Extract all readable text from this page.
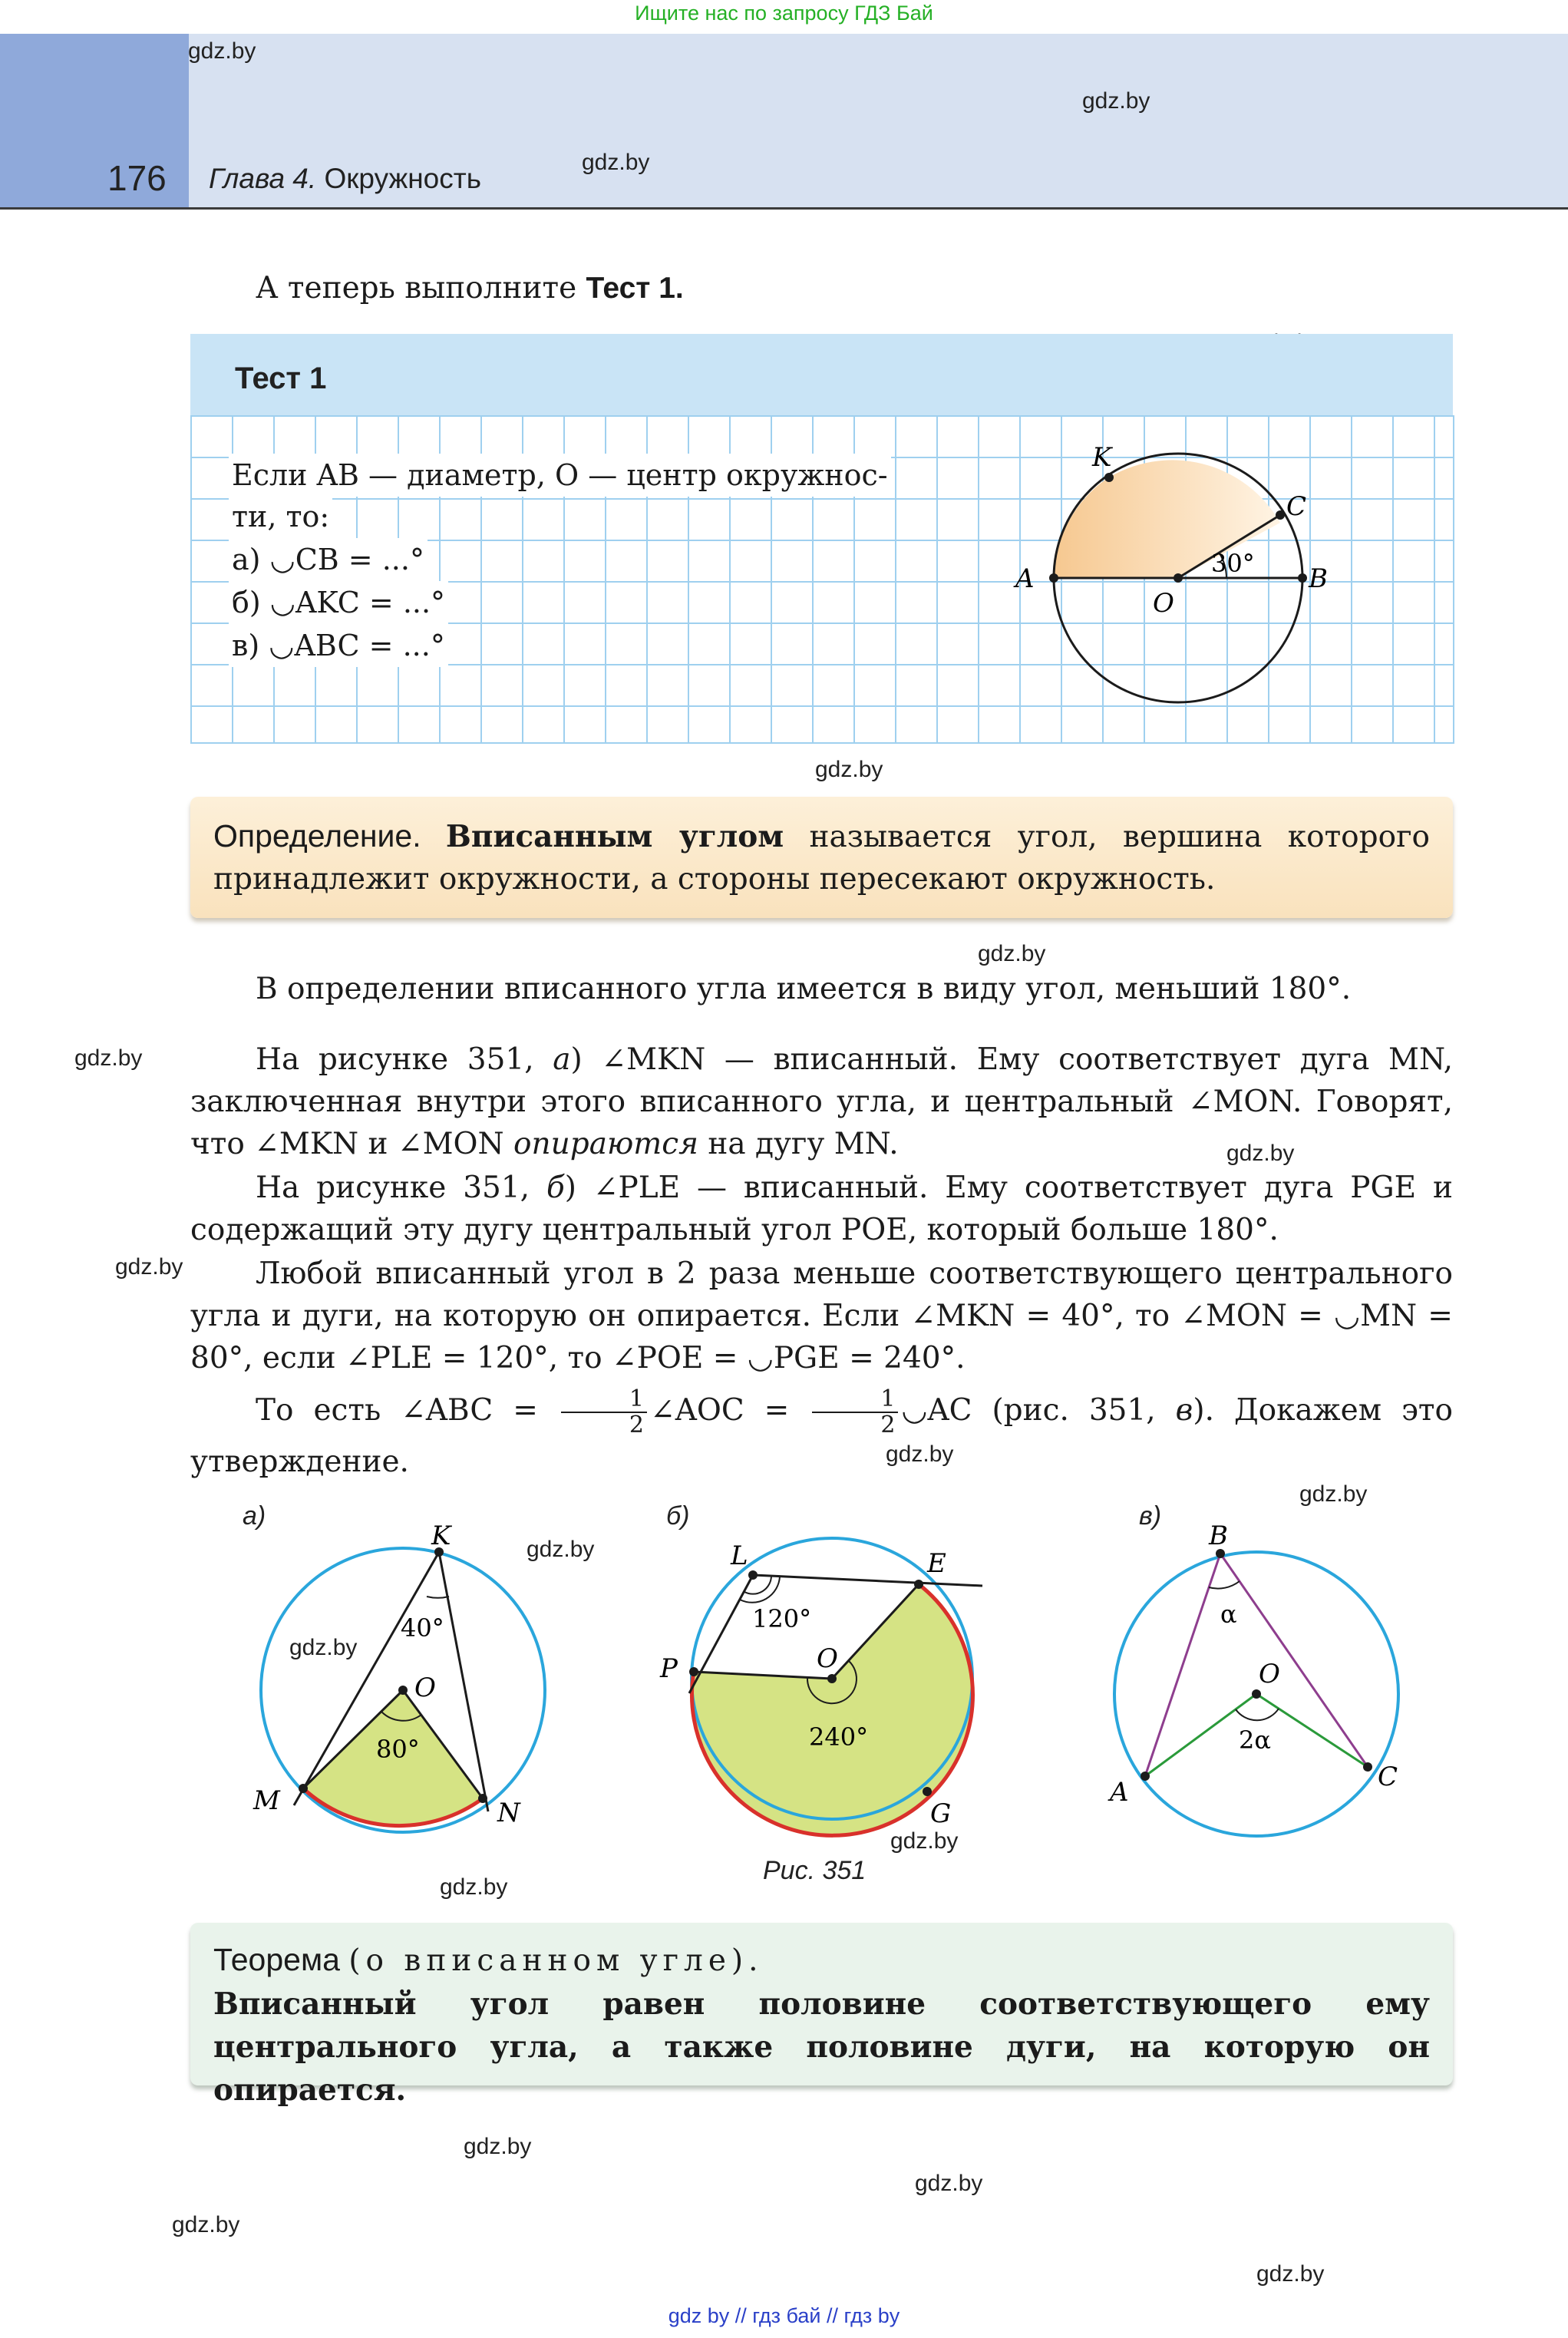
Ищите нас по запросу ГДЗ Бай
176 Глава 4. Окружность
gdz.by
gdz.by
gdz.by
gdz.by
gdz.by
gdz.by
gdz.by
gdz.by
gdz.by
gdz.by
gdz.by
gdz.by
gdz.by
gdz.by
gdz.by
gdz.by
gdz.by
gdz.by
А теперь выполните Тест 1.
Тест 1
Если AB — диаметр, O — центр окружнос-
ти, то:
а) ◡CB = ...°
б) ◡AKC = ...°
в) ◡ABC = ...°
K
C
A	B
O
30°
Определение. Вписанным углом называется угол, вершина которого принадлежит окружности, а стороны пересекают окружность.
В определении вписанного угла имеется в виду угол, меньший 180°.
На рисунке 351, а) ∠MKN — вписанный. Ему соответствует дуга MN, заключенная внутри этого вписанного угла, и центральный ∠MON. Говорят, что ∠MKN и ∠MON опираются на дугу MN.
На рисунке 351, б) ∠PLE — вписанный. Ему соответствует дуга PGE и содержащий эту дугу центральный угол POE, который больше 180°.
Любой вписанный угол в 2 раза меньше соответствующего центрального угла и дуги, на которую он опирается. Если ∠MKN = 40°, то ∠MON = ◡MN = 80°, если ∠PLE = 120°, то ∠POE = ◡PGE = 240°.
То есть ∠ABC = $\frac{1}{2}$ ∠AOC = $\frac{1}{2}$ ◡AC (рис. 351, в). Докажем это утверждение.
а)	б)	в)
K
O
M	N
40°
80°
L	E
P	O
G
120°
240°
B
O
A	C
α
2α
Рис. 351
Теорема (о вписанном угле).
Вписанный угол равен половине соответствующего ему центрального угла, а также половине дуги, на которую он опирается.
gdz by // гдз бай // гдз by
